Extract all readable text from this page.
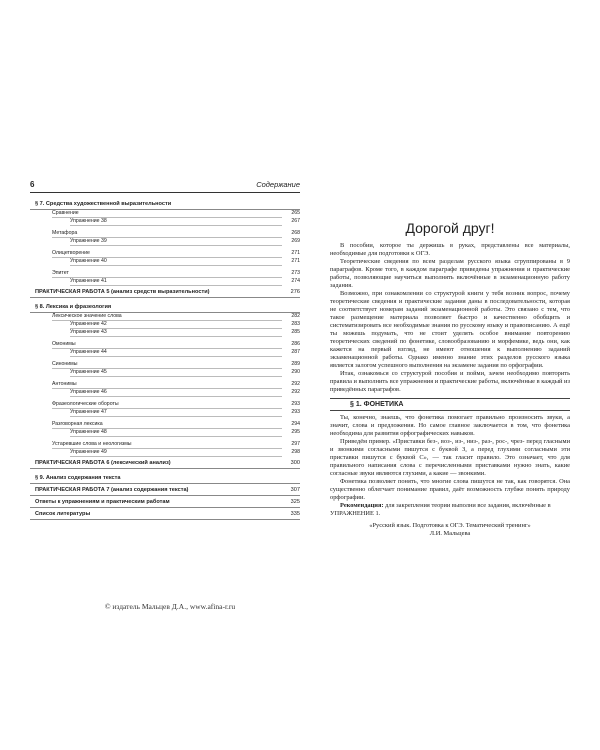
6	Содержание
§ 7. Средства художественной выразительности
Сравнение	265
Упражнение 38	267
Метафора	268
Упражнение 39	269
Олицетворение	271
Упражнение 40	271
Эпитет	273
Упражнение 41	274
ПРАКТИЧЕСКАЯ РАБОТА 5 (анализ средств выразительности)	276
§ 8. Лексика и фразеология
Лексическое значение слова	282
Упражнение 42	283
Упражнение 43	285
Омонимы	286
Упражнение 44	287
Синонимы	289
Упражнение 45	290
Антонимы	292
Упражнение 46	292
Фразеологические обороты	293
Упражнение 47	293
Разговорная лексика	294
Упражнение 48	295
Устаревшие слова и неологизмы	297
Упражнение 49	298
ПРАКТИЧЕСКАЯ РАБОТА 6 (лексический анализ)	300
§ 9. Анализ содержания текста
ПРАКТИЧЕСКАЯ РАБОТА 7 (анализ содержания текста)	307
Ответы к упражнениям и практическим работам	325
Список литературы	335
© издатель Мальцев Д.А., www.afina-r.ru
Дорогой друг!

В пособии, которое ты держишь в руках, представлены все материалы, необходимые для подготовки к ОГЭ.

Теоретические сведения по всем разделам русского языка сгруппированы в 9 параграфов. Кроме того, в каждом параграфе приведены упражнения и практические работы, позволяющие научиться выполнять включённые в экзаменационную работу задания.

Возможно, при ознакомлении со структурой книги у тебя возник вопрос, почему теоретические сведения и практические задания даны в последовательности, которая не соответствует номерам заданий экзаменационной работы. Это связано с тем, что такое размещение материала позволяет быстро и качественно обобщить и систематизировать все необходимые знания по русскому языку и правописанию. А ещё ты можешь подумать, что не стоит уделять особое внимание повторению теоретических сведений по фонетике, словообразованию и морфемике, ведь они, как кажется на первый взгляд, не имеют отношения к выполнению заданий экзаменационной работы. Однако именно знание этих разделов русского языка является залогом успешного выполнения на экзамене задания по орфографии.

Итак, ознакомься со структурой пособия и пойми, зачем необходимо повторить правила и выполнить все упражнения и практические работы, включённые в каждый из приведённых параграфов.

§ 1. ФОНЕТИКА

Ты, конечно, знаешь, что фонетика помогает правильно произносить звуки, а значит, слова и предложения. Но самое главное заключается в том, что фонетика необходима для развития орфографических навыков.

Приведём пример. «Приставки без-, воз-, из-, низ-, раз-, рос-, чрез- перед гласными и звонкими согласными пишутся с буквой З, а перед глухими согласными эти приставки пишутся с буквой С», — так гласит правило. Это означает, что для правильного написания слова с перечисленными приставками нужно знать, какие согласные звуки являются глухими, а какие — звонкими.

Фонетика позволяет понять, что многие слова пишутся не так, как говорятся. Она существенно облегчает понимание правил, даёт возможность глубже понять природу орфографии.

Рекомендация: для закрепления теории выполни все задания, включённые в УПРАЖНЕНИЕ 1.

«Русский язык. Подготовка к ОГЭ. Тематический тренинг»
Л.И. Мальцева
